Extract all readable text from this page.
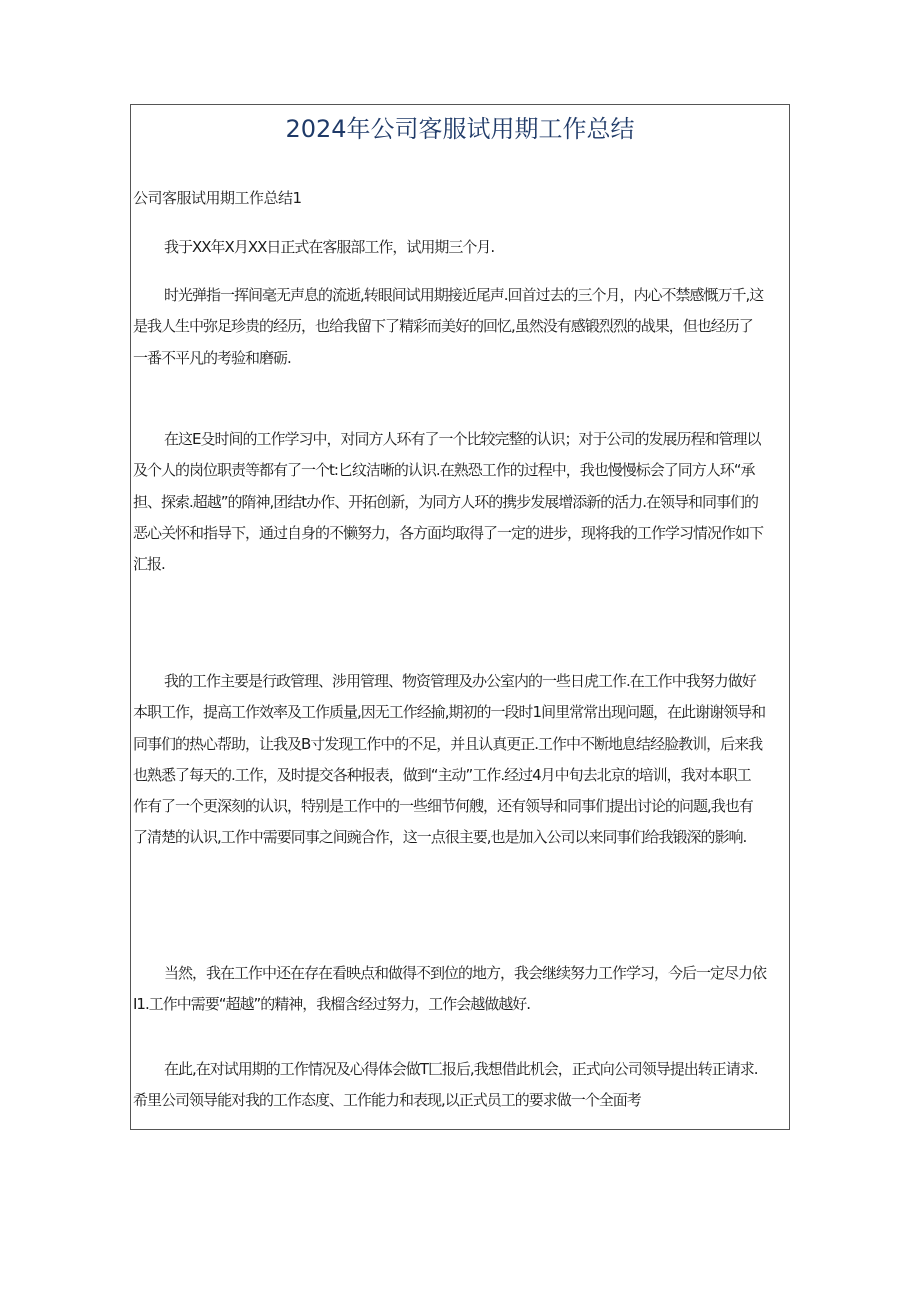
2024年公司客服试用期工作总结
公司客服试用期工作总结1
我于XX年X月XX日正式在客服部工作，试用期三个月.
时光弹指一挥间毫无声息的流逝,转眼间试用期接近尾声.回首过去的三个月，内心不禁感慨万千,这
是我人生中弥足珍贵的经历，也给我留下了精彩而美好的回忆,虽然没有感锻烈烈的战果，但也经历了
一番不平凡的考验和磨砺.
在这E殳时间的工作学习中，对同方人环有了一个比较完整的认识；对于公司的发展历程和管理以
及个人的岗位职责等都有了一个t:匕纹洁晰的认识.在熟恐工作的过程中，我也慢慢标会了同方人环“承
担、探索.超越”的隋神,团结t办作、开拓创新，为同方人环的携步发展增添新的活力.在领导和同事们的
恶心关怀和指导下，通过自身的不懒努力，各方面均取得了一定的进步，现将我的工作学习情况作如下
汇报.
我的工作主要是行政管理、涉用管理、物资管理及办公室内的一些日虎工作.在工作中我努力做好
本职工作，提高工作效率及工作质量,因无工作经揄,期初的一段时1间里常常出现问题，在此谢谢领导和
同事们的热心帮助，让我及B寸发现工作中的不足，并且认真更正.工作中不断地息结经脸教训，后来我
也熟悉了每天的.工作，及时提交各种报表，做到“主动”工作.经过4月中旬去北京的培训，我对本职工
作有了一个更深刻的认识，特别是工作中的一些细节何艘，还有领导和同事们提出讨论的问题,我也有
了清楚的认识,工作中需要同事之间豌合作，这一点很主要,也是加入公司以来同事们给我锻深的影响.
当然，我在工作中还在存在看映点和做得不到位的地方，我会继续努力工作学习，今后一定尽力依
I1.工作中需要“超越”的精神，我榴含经过努力，工作会越做越好.
在此,在对试用期的工作情况及心得体会做T匚报后,我想借此机会，正式向公司领导提出转正请求.
希里公司领导能对我的工作态度、工作能力和表现,以正式员工的要求做一个全面考
